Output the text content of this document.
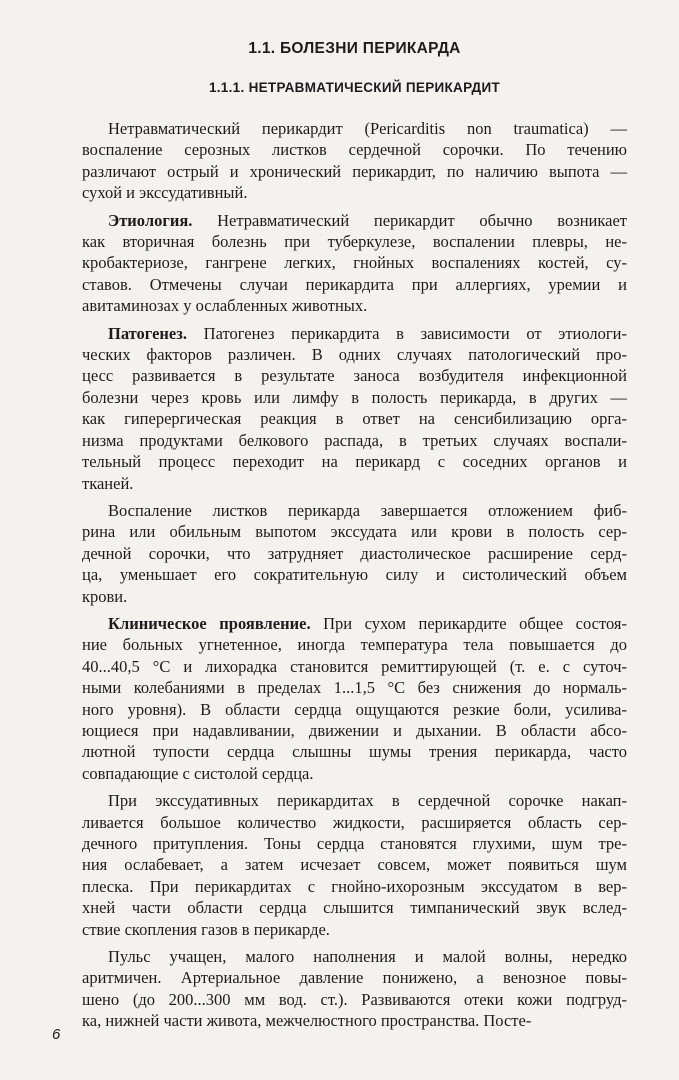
1.1. БОЛЕЗНИ ПЕРИКАРДА
1.1.1. НЕТРАВМАТИЧЕСКИЙ ПЕРИКАРДИТ
Нетравматический перикардит (Pericarditis non traumatica) —
воспаление серозных листков сердечной сорочки. По течению
различают острый и хронический перикардит, по наличию выпота —
сухой и экссудативный.
Этиология. Нетравматический перикардит обычно возникает
как вторичная болезнь при туберкулезе, воспалении плевры, не-
кробактериозе, гангрене легких, гнойных воспалениях костей, су-
ставов. Отмечены случаи перикардита при аллергиях, уремии и
авитаминозах у ослабленных животных.
Патогенез. Патогенез перикардита в зависимости от этиологи-
ческих факторов различен. В одних случаях патологический про-
цесс развивается в результате заноса возбудителя инфекционной
болезни через кровь или лимфу в полость перикарда, в других —
как гиперергическая реакция в ответ на сенсибилизацию орга-
низма продуктами белкового распада, в третьих случаях воспали-
тельный процесс переходит на перикард с соседних органов и
тканей.
Воспаление листков перикарда завершается отложением фиб-
рина или обильным выпотом экссудата или крови в полость сер-
дечной сорочки, что затрудняет диастолическое расширение серд-
ца, уменьшает его сократительную силу и систолический объем
крови.
Клиническое проявление. При сухом перикардите общее состоя-
ние больных угнетенное, иногда температура тела повышается до
40...40,5 °С и лихорадка становится ремиттирующей (т. е. с суточ-
ными колебаниями в пределах 1...1,5 °С без снижения до нормаль-
ного уровня). В области сердца ощущаются резкие боли, усилива-
ющиеся при надавливании, движении и дыхании. В области абсо-
лютной тупости сердца слышны шумы трения перикарда, часто
совпадающие с систолой сердца.
При экссудативных перикардитах в сердечной сорочке накап-
ливается большое количество жидкости, расширяется область сер-
дечного притупления. Тоны сердца становятся глухими, шум тре-
ния ослабевает, а затем исчезает совсем, может появиться шум
плеска. При перикардитах с гнойно-ихорозным экссудатом в вер-
хней части области сердца слышится тимпанический звук вслед-
ствие скопления газов в перикарде.
Пульс учащен, малого наполнения и малой волны, нередко
аритмичен. Артериальное давление понижено, а венозное повы-
шено (до 200...300 мм вод. ст.). Развиваются отеки кожи подгруд-
ка, нижней части живота, межчелюстного пространства. Посте-
6
